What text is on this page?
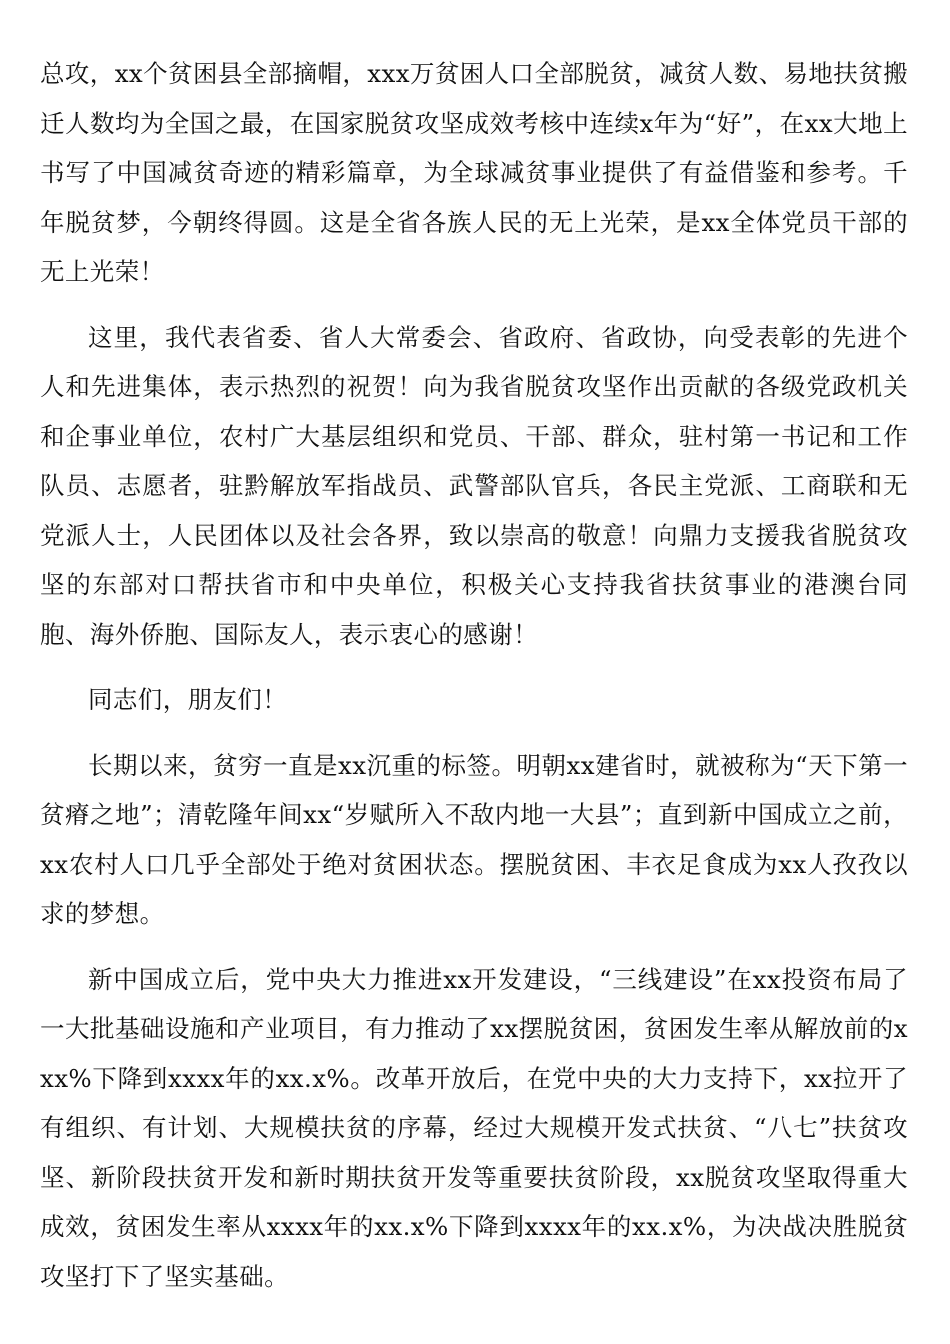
总攻，xx个贫困县全部摘帽，xxx万贫困人口全部脱贫，减贫人数、易地扶贫搬迁人数均为全国之最，在国家脱贫攻坚成效考核中连续x年为“好”，在xx大地上书写了中国减贫奇迹的精彩篇章，为全球减贫事业提供了有益借鉴和参考。千年脱贫梦，今朝终得圆。这是全省各族人民的无上光荣，是xx全体党员干部的无上光荣！

这里，我代表省委、省人大常委会、省政府、省政协，向受表彰的先进个人和先进集体，表示热烈的祝贺！向为我省脱贫攻坚作出贡献的各级党政机关和企事业单位，农村广大基层组织和党员、干部、群众，驻村第一书记和工作队员、志愿者，驻黔解放军指战员、武警部队官兵，各民主党派、工商联和无党派人士，人民团体以及社会各界，致以崇高的敬意！向鼎力支援我省脱贫攻坚的东部对口帮扶省市和中央单位，积极关心支持我省扶贫事业的港澳台同胞、海外侨胞、国际友人，表示衷心的感谢！

同志们，朋友们！

长期以来，贫穷一直是xx沉重的标签。明朝xx建省时，就被称为“天下第一贫瘠之地”；清乾隆年间xx“岁赋所入不敌内地一大县”；直到新中国成立之前，xx农村人口几乎全部处于绝对贫困状态。摆脱贫困、丰衣足食成为xx人孜孜以求的梦想。

新中国成立后，党中央大力推进xx开发建设，“三线建设”在xx投资布局了一大批基础设施和产业项目，有力推动了xx摆脱贫困，贫困发生率从解放前的xxx%下降到xxxx年的xx.x%。改革开放后，在党中央的大力支持下，xx拉开了有组织、有计划、大规模扶贫的序幕，经过大规模开发式扶贫、“八七”扶贫攻坚、新阶段扶贫开发和新时期扶贫开发等重要扶贫阶段，xx脱贫攻坚取得重大成效，贫困发生率从xxxx年的xx.x%下降到xxxx年的xx.x%，为决战决胜脱贫攻坚打下了坚实基础。
